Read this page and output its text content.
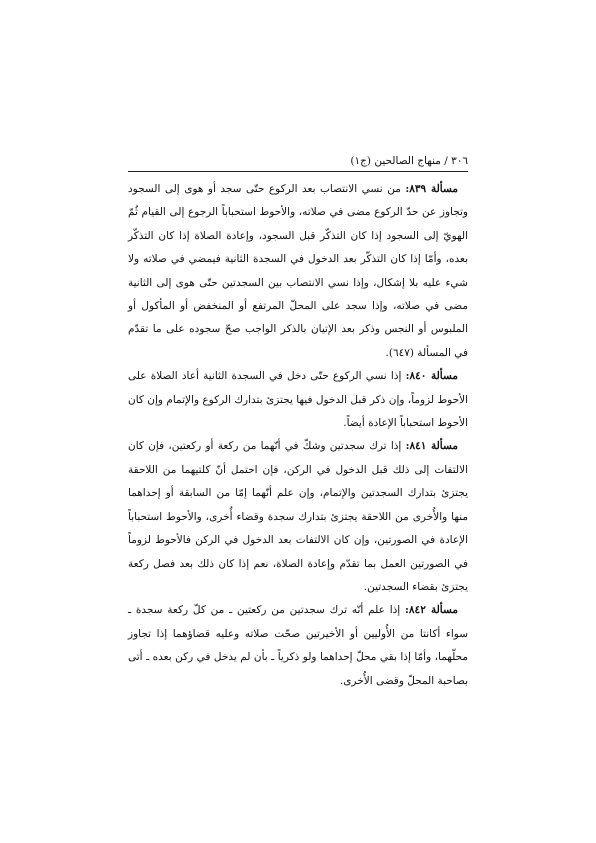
٣٠٦ / منهاج الصالحين (ج١)

مسألة ٨٣٩: من نسي الانتصاب بعد الركوع حتّى سجد أو هوى إلى السجود وتجاوز عن حدّ الركوع مضى في صلاته، والأحوط استحباباً الرجوع إلى القيام ثُمّ الهويّ إلى السجود إذا كان التذكّر قبل السجود، وإعادة الصلاة إذا كان التذكّر بعده، وأمّا إذا كان التذكّر بعد الدخول في السجدة الثانية فيمضي في صلاته ولا شيء عليه بلا إشكال، وإذا نسي الانتصاب بين السجدتين حتّى هوى إلى الثانية مضى في صلاته، وإذا سجد على المحلّ المرتفع أو المنخفض أو المأكول أو الملبوس أو النجس وذكر بعد الإتيان بالذكر الواجب صحّ سجوده على ما تقدّم في المسألة (٦٤٧).

مسألة ٨٤٠: إذا نسي الركوع حتّى دخل في السجدة الثانية أعاد الصلاة على الأحوط لزوماً، وإن ذكر قبل الدخول فيها يجتزئ بتدارك الركوع والإتمام وإن كان الأحوط استحباباً الإعادة أيضاً.

مسألة ٨٤١: إذا ترك سجدتين وشكّ في أنّهما من ركعة أو ركعتين، فإن كان الالتفات إلى ذلك قبل الدخول في الركن، فإن احتمل أنّ كلتيهما من اللاحقة يجتزئ بتدارك السجدتين والإتمام، وإن علم أنّهما إمّا من السابقة أو إحداهما منها والأُخرى من اللاحقة يجتزئ بتدارك سجدة وقضاء أُخرى، والأحوط استحباباً الإعادة في الصورتين، وإن كان الالتفات بعد الدخول في الركن فالأحوط لزوماً في الصورتين العمل بما تقدّم وإعادة الصلاة، نعم إذا كان ذلك بعد فصل ركعة يجتزئ بقضاء السجدتين.

مسألة ٨٤٢: إذا علم أنّه ترك سجدتين من ركعتين ـ من كلّ ركعة سجدة ـ سواء أكانتا من الأُوليين أو الأخيرتين صحّت صلاته وعليه قضاؤهما إذا تجاوز محلّهما، وأمّا إذا بقي محلّ إحداهما ولو ذكرياً ـ بأن لم يدخل في ركن بعده ـ أتى بصاحبة المحلّ وقضى الأُخرى.
